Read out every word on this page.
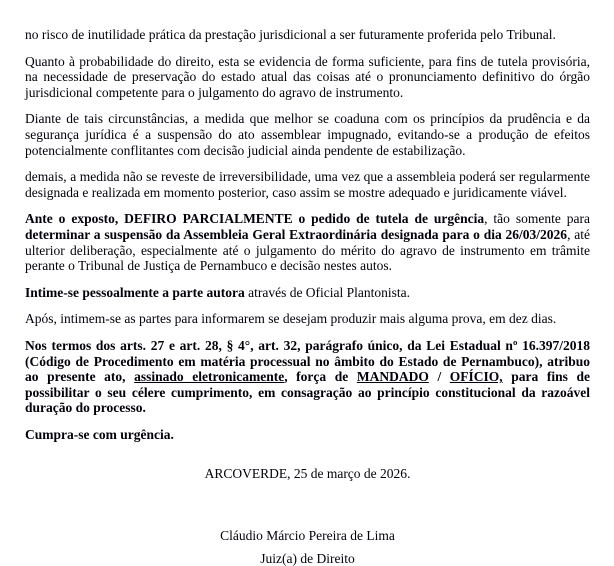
no risco de inutilidade prática da prestação jurisdicional a ser futuramente proferida pelo Tribunal.

Quanto à probabilidade do direito, esta se evidencia de forma suficiente, para fins de tutela provisória, na necessidade de preservação do estado atual das coisas até o pronunciamento definitivo do órgão jurisdicional competente para o julgamento do agravo de instrumento.

Diante de tais circunstâncias, a medida que melhor se coaduna com os princípios da prudência e da segurança jurídica é a suspensão do ato assemblear impugnado, evitando-se a produção de efeitos potencialmente conflitantes com decisão judicial ainda pendente de estabilização.

demais, a medida não se reveste de irreversibilidade, uma vez que a assembleia poderá ser regularmente designada e realizada em momento posterior, caso assim se mostre adequado e juridicamente viável.

Ante o exposto, DEFIRO PARCIALMENTE o pedido de tutela de urgência, tão somente para determinar a suspensão da Assembleia Geral Extraordinária designada para o dia 26/03/2026, até ulterior deliberação, especialmente até o julgamento do mérito do agravo de instrumento em trâmite perante o Tribunal de Justiça de Pernambuco e decisão nestes autos.

Intime-se pessoalmente a parte autora através de Oficial Plantonista.

Após, intimem-se as partes para informarem se desejam produzir mais alguma prova, em dez dias.

Nos termos dos arts. 27 e art. 28, § 4°, art. 32, parágrafo único, da Lei Estadual nº 16.397/2018 (Código de Procedimento em matéria processual no âmbito do Estado de Pernambuco), atribuo ao presente ato, assinado eletronicamente, força de MANDADO / OFÍCIO, para fins de possibilitar o seu célere cumprimento, em consagração ao princípio constitucional da razoável duração do processo.

Cumpra-se com urgência.

ARCOVERDE, 25 de março de 2026.

Cláudio Márcio Pereira de Lima

Juiz(a) de Direito
